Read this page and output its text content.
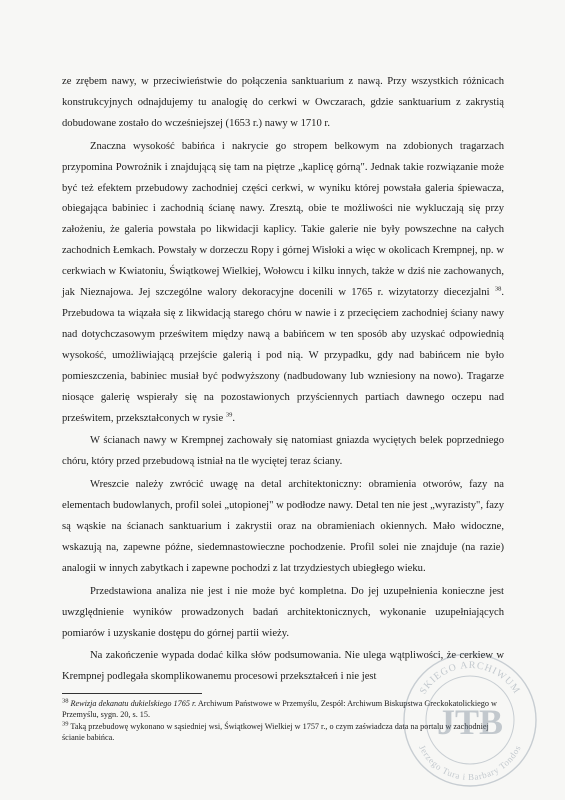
ze zrębem nawy, w przeciwieństwie do połączenia sanktuarium z nawą. Przy wszystkich różnicach konstrukcyjnych odnajdujemy tu analogię do cerkwi w Owczarach, gdzie sanktuarium z zakrystią dobudowane zostało do wcześniejszej (1653 r.) nawy w 1710 r.

Znaczna wysokość babińca i nakrycie go stropem belkowym na zdobionych tragarzach przypomina Powroźnik i znajdującą się tam na piętrze „kaplicę górną". Jednak takie rozwiązanie może być też efektem przebudowy zachodniej części cerkwi, w wyniku której powstała galeria śpiewacza, obiegająca babiniec i zachodnią ścianę nawy. Zresztą, obie te możliwości nie wykluczają się przy założeniu, że galeria powstała po likwidacji kaplicy. Takie galerie nie były powszechne na całych zachodnich Łemkach. Powstały w dorzeczu Ropy i górnej Wisłoki a więc w okolicach Krempnej, np. w cerkwiach w Kwiatoniu, Świątkowej Wielkiej, Wołowcu i kilku innych, także w dziś nie zachowanych, jak Nieznajowa. Jej szczególne walory dekoracyjne docenili w 1765 r. wizytatorzy diecezjalni $^{38}$. Przebudowa ta wiązała się z likwidacją starego chóru w nawie i z przecięciem zachodniej ściany nawy nad dotychczasowym prześwitem między nawą a babińcem w ten sposób aby uzyskać odpowiednią wysokość, umożliwiającą przejście galerią i pod nią. W przypadku, gdy nad babińcem nie było pomieszczenia, babiniec musiał być podwyższony (nadbudowany lub wzniesiony na nowo). Tragarze niosące galerię wspierały się na pozostawionych przyściennych partiach dawnego oczepu nad prześwitem, przekształconych w rysie $^{39}$.

W ścianach nawy w Krempnej zachowały się natomiast gniazda wyciętych belek poprzedniego chóru, który przed przebudową istniał na tle wyciętej teraz ściany.

Wreszcie należy zwrócić uwagę na detal architektoniczny: obramienia otworów, fazy na elementach budowlanych, profil solei „utopionej" w podłodze nawy. Detal ten nie jest „wyrazisty", fazy są wąskie na ścianach sanktuarium i zakrystii oraz na obramieniach okiennych. Mało widoczne, wskazują na, zapewne późne, siedemnastowieczne pochodzenie. Profil solei nie znajduje (na razie) analogii w innych zabytkach i zapewne pochodzi z lat trzydziestych ubiegłego wieku.

Przedstawiona analiza nie jest i nie może być kompletna. Do jej uzupełnienia konieczne jest uwzględnienie wyników prowadzonych badań architektonicznych, wykonanie uzupełniających pomiarów i uzyskanie dostępu do górnej partii wieży.

Na zakończenie wypada dodać kilka słów podsumowania. Nie ulega wątpliwości, że cerkiew w Krempnej podlegała skomplikowanemu procesowi przekształceń i nie jest

$^{38}$ Rewizja dekanatu dukielskiego 1765 r. Archiwum Państwowe w Przemyślu, Zespół: Archiwum Biskupstwa Greckokatolickiego w Przemyślu, sygn. 20, s. 15.

$^{39}$ Taką przebudowę wykonano w sąsiedniej wsi, Świątkowej Wielkiej w 1757 r., o czym zaświadcza data na portalu w zachodniej ścianie babińca.

SKIEGO ARCHIWUM
Jerzego Tura i Barbary Tondos
JTB
